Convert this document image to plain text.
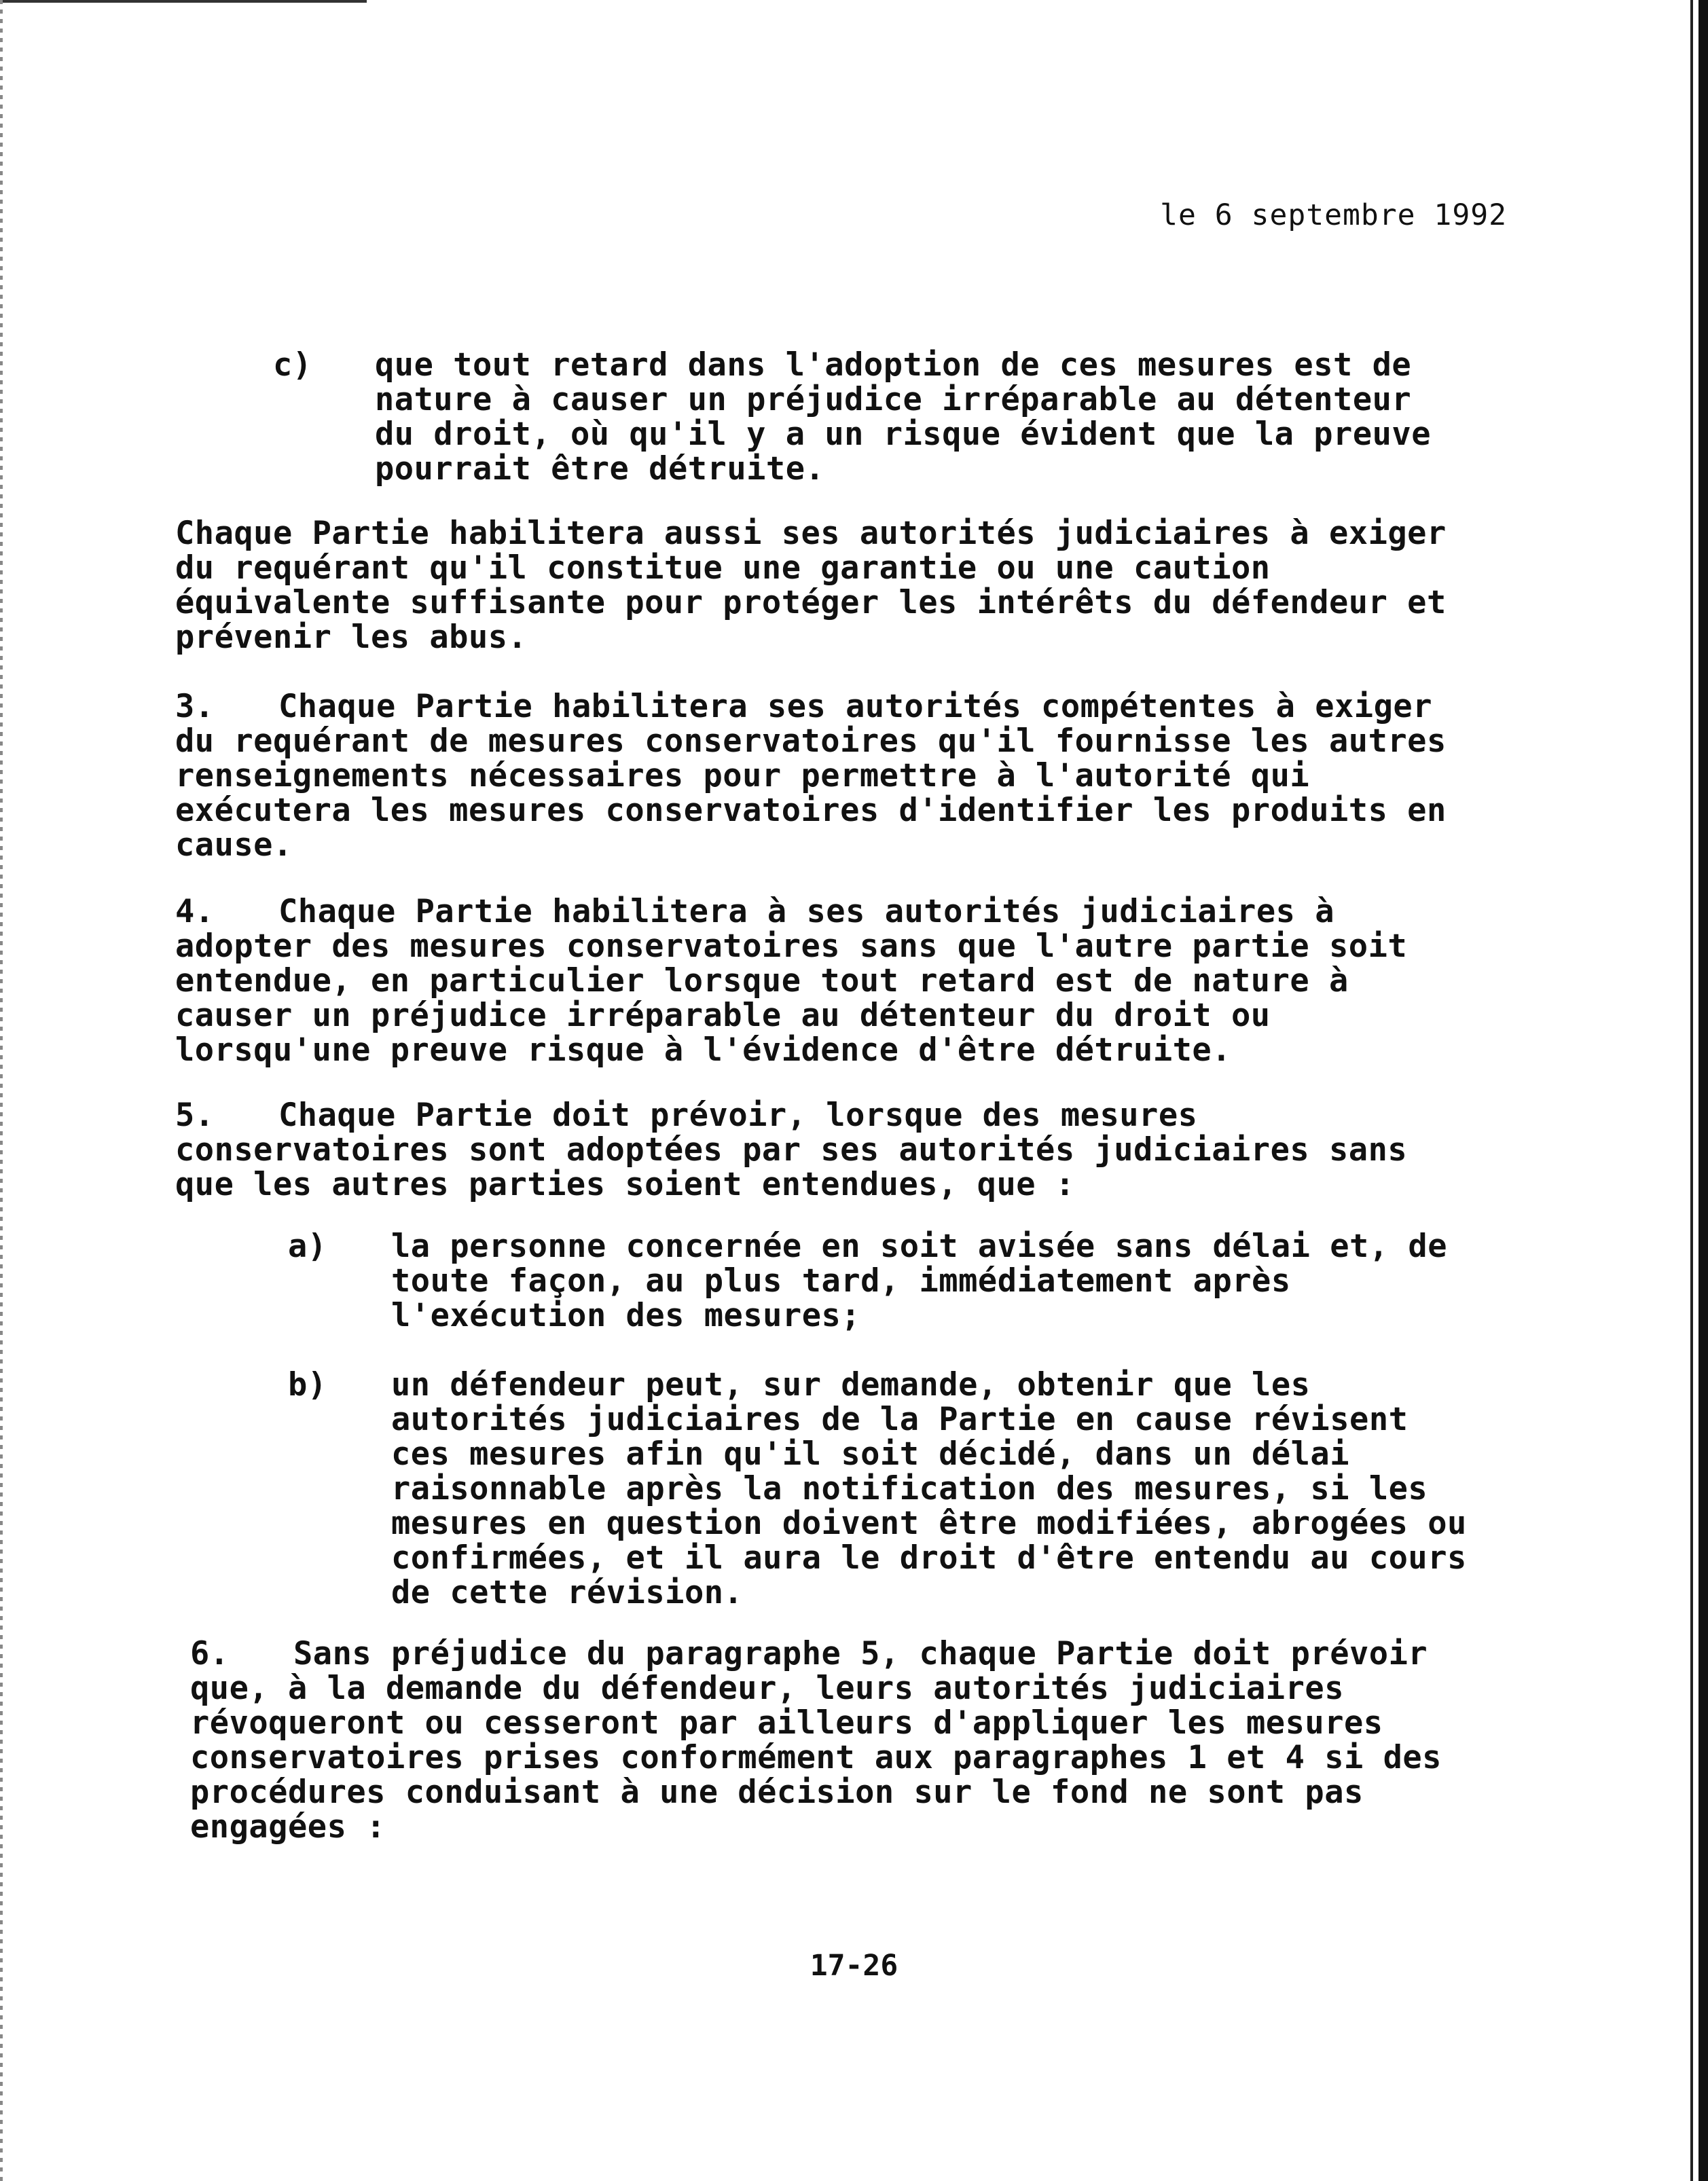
le 6 septembre 1992
c) que tout retard dans l'adoption de ces mesures est de
nature à causer un préjudice irréparable au détenteur
du droit, où qu'il y a un risque évident que la preuve
pourrait être détruite.
Chaque Partie habilitera aussi ses autorités judiciaires à exiger
du requérant qu'il constitue une garantie ou une caution
équivalente suffisante pour protéger les intérêts du défendeur et
prévenir les abus.
3. Chaque Partie habilitera ses autorités compétentes à exiger
du requérant de mesures conservatoires qu'il fournisse les autres
renseignements nécessaires pour permettre à l'autorité qui
exécutera les mesures conservatoires d'identifier les produits en
cause.
4. Chaque Partie habilitera à ses autorités judiciaires à
adopter des mesures conservatoires sans que l'autre partie soit
entendue, en particulier lorsque tout retard est de nature à
causer un préjudice irréparable au détenteur du droit ou
lorsqu'une preuve risque à l'évidence d'être détruite.
5. Chaque Partie doit prévoir, lorsque des mesures
conservatoires sont adoptées par ses autorités judiciaires sans
que les autres parties soient entendues, que :
a) la personne concernée en soit avisée sans délai et, de
toute façon, au plus tard, immédiatement après
l'exécution des mesures;
b) un défendeur peut, sur demande, obtenir que les
autorités judiciaires de la Partie en cause révisent
ces mesures afin qu'il soit décidé, dans un délai
raisonnable après la notification des mesures, si les
mesures en question doivent être modifiées, abrogées ou
confirmées, et il aura le droit d'être entendu au cours
de cette révision.
6. Sans préjudice du paragraphe 5, chaque Partie doit prévoir
que, à la demande du défendeur, leurs autorités judiciaires
révoqueront ou cesseront par ailleurs d'appliquer les mesures
conservatoires prises conformément aux paragraphes 1 et 4 si des
procédures conduisant à une décision sur le fond ne sont pas
engagées :
17-26
